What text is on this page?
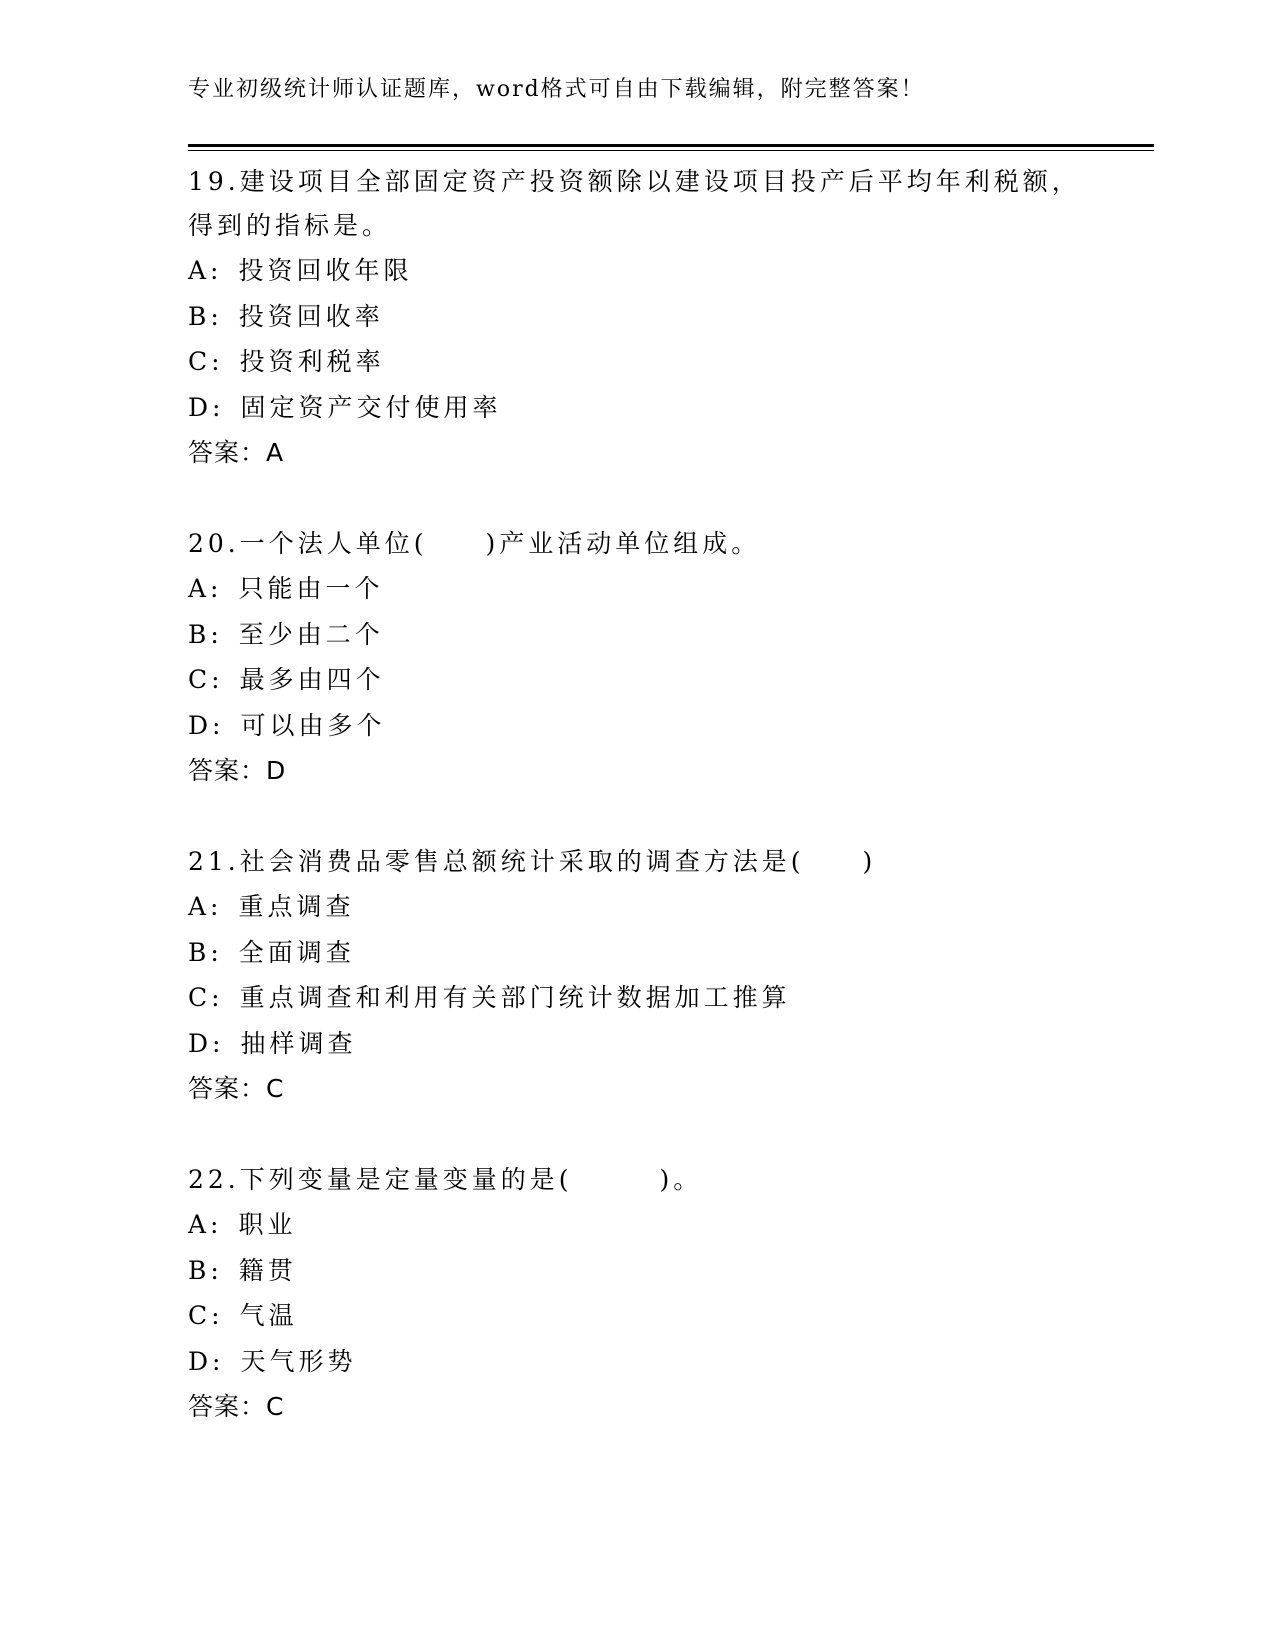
专业初级统计师认证题库，word格式可自由下载编辑，附完整答案！
19.建设项目全部固定资产投资额除以建设项目投产后平均年利税额，
得到的指标是。
A: 投资回收年限
B: 投资回收率
C: 投资利税率
D: 固定资产交付使用率
答案：A
20.一个法人单位(　　)产业活动单位组成。
A: 只能由一个
B: 至少由二个
C: 最多由四个
D: 可以由多个
答案：D
21.社会消费品零售总额统计采取的调查方法是(　　)
A: 重点调查
B: 全面调查
C: 重点调查和利用有关部门统计数据加工推算
D: 抽样调查
答案：C
22.下列变量是定量变量的是(　　　)。
A: 职业
B: 籍贯
C: 气温
D: 天气形势
答案：C
